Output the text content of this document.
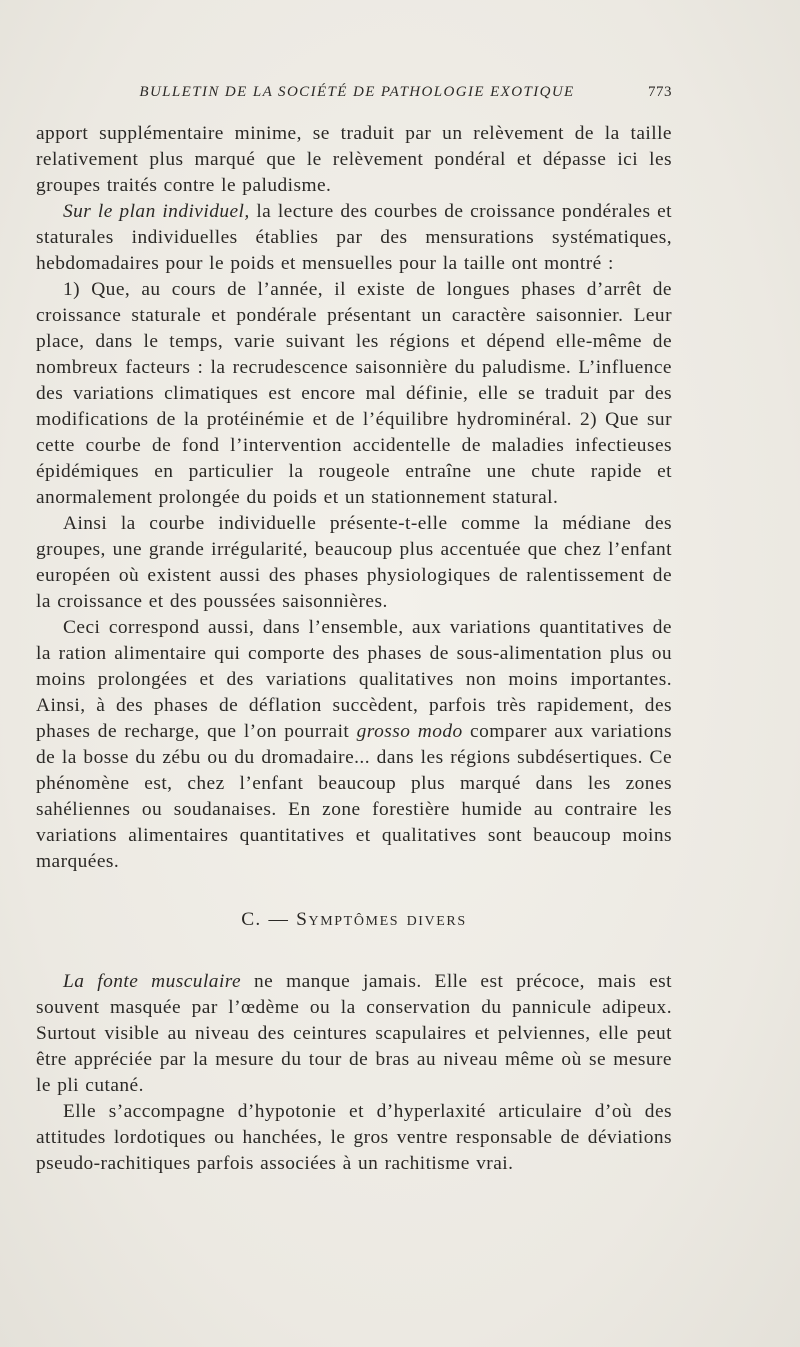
BULLETIN DE LA SOCIÉTÉ DE PATHOLOGIE EXOTIQUE	773

apport supplémentaire minime, se traduit par un relèvement de la taille relativement plus marqué que le relèvement pondéral et dépasse ici les groupes traités contre le paludisme.

Sur le plan individuel, la lecture des courbes de croissance pondérales et staturales individuelles établies par des mensurations systématiques, hebdomadaires pour le poids et mensuelles pour la taille ont montré :

1) Que, au cours de l’année, il existe de longues phases d’arrêt de croissance staturale et pondérale présentant un caractère saisonnier. Leur place, dans le temps, varie suivant les régions et dépend elle-même de nombreux facteurs : la recrudescence saisonnière du paludisme. L’influence des variations climatiques est encore mal définie, elle se traduit par des modifications de la protéinémie et de l’équilibre hydrominéral. 2) Que sur cette courbe de fond l’intervention accidentelle de maladies infectieuses épidémiques en particulier la rougeole entraîne une chute rapide et anormalement prolongée du poids et un stationnement statural.

Ainsi la courbe individuelle présente-t-elle comme la médiane des groupes, une grande irrégularité, beaucoup plus accentuée que chez l’enfant européen où existent aussi des phases physiologiques de ralentissement de la croissance et des poussées saisonnières.

Ceci correspond aussi, dans l’ensemble, aux variations quantitatives de la ration alimentaire qui comporte des phases de sous-alimentation plus ou moins prolongées et des variations qualitatives non moins importantes. Ainsi, à des phases de déflation succèdent, parfois très rapidement, des phases de recharge, que l’on pourrait grosso modo comparer aux variations de la bosse du zébu ou du dromadaire... dans les régions subdésertiques. Ce phénomène est, chez l’enfant beaucoup plus marqué dans les zones sahéliennes ou soudanaises. En zone forestière humide au contraire les variations alimentaires quantitatives et qualitatives sont beaucoup moins marquées.

C. — Symptômes divers

La fonte musculaire ne manque jamais. Elle est précoce, mais est souvent masquée par l’œdème ou la conservation du pannicule adipeux. Surtout visible au niveau des ceintures scapulaires et pelviennes, elle peut être appréciée par la mesure du tour de bras au niveau même où se mesure le pli cutané.

Elle s’accompagne d’hypotonie et d’hyperlaxité articulaire d’où des attitudes lordotiques ou hanchées, le gros ventre responsable de déviations pseudo-rachitiques parfois associées à un rachitisme vrai.
